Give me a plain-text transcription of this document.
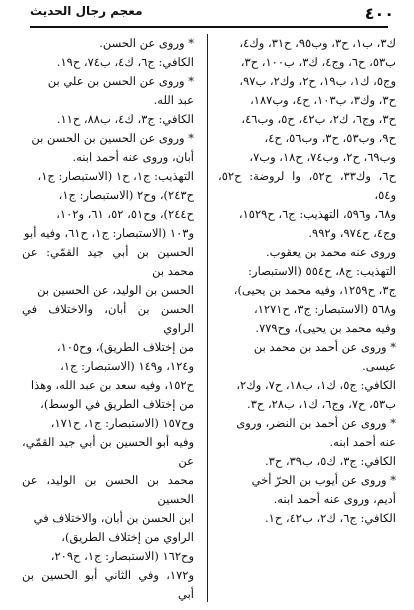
٤٠٠
معجم رجال الحديث
ك٣، ب١، ح٣، وب٩٥، ح٣١، وك٤،
ب٥٣، ح٦، وج٤، ك٣، ب١٠٠، ح٣،
وج٥، ك١، ب١٩، ح٢، وك٢، ب٩٧،
ح٣، وك٣، ب١٠٣، ح٤، وب١٨٧،
ح٣، وج٦، ك٢، ب٤٢، ح٥، وب٤٦،
ح٩، وب٥٣، ح٣، وب٥٦، ح٤،
وب٦٩، ح٢، وب٧٤، ح١٨، وب٧،
ح٦، وك٣٣، ح٥٢، وا لروضة: ح٥٢، و٥٤،
و٦٨، و٥٩٦، التهذيب: ج٦، ح١٥٢٩،
وج٤، ح٩٧٤، و٩٩٢.
وروى عنه محمد بن يعقوب.
التهذيب: ج٨، ح٥٥٤ (الاستبصار:
ج٣، ح١٢٥٩، وفيه محمد بن يحيى)،
و٥٦٨ (الاستبصار: ج٣، ح١٢٧١،
وفيه محمد بن يحيى)، وح٧٧٩.
* وروى عن أحمد بن محمد بن
عيسى.
الكافي: ج٥، ك١، ب١٨، ح٧، وك٢،
ب٥٣، ح٧، وج٦، ك١، ب٢٨، ح٣.
* وروى عن أحمد بن النضر، وروى
عنه أحمد ابنه.
الكافي: ج٣، ك٥، ب٣٩، ح٣.
* وروى عن أيوب بن الحرّ أخي
أديم، وروى عنه أحمد ابنه.
الكافي: ج٦، ك٢، ب٤٢، ح١.
* وروى عن الحسن.
الكافي: ج٦، ك٤، ب٧٤، ح١٩.
* وروى عن الحسن بن علي بن
عبد الله.
الكافي: ج٣، ك٤، ب٨٨، ح١١.
* وروى عن الحسين بن الحسن بن
أبان، وروى عنه أحمد ابنه.
التهذيب: ج١، ح١ (الاستبصار: ج١،
ح٢٤٣)، وح٢ (الاستبصار: ج١،
ح٢٤٤)، وح٥١، ٥٢، ٦١، و١٠٢،
و١٠٣ (الاستبصار: ج١، ح٦١، وفيه أبو
الحسين بن أبي جيد القمّي: عن محمد بن
الحسن بن الوليد، عن الحسين بن
الحسن بن أبان، والاختلاف في الراوي
من إختلاف الطريق)، وح١٠٥،
و١٢٤، و١٤٩ (الاستبصار: ج١،
ح١٥٢، وفيه سعد بن عبد الله، وهذا
من إختلاف الطريق في الوسط)،
وح١٥٧ (الاستبصار: ج١، ح١٧١،
وفيه أبو الحسين بن أبي جيد القمّي، عن
محمد بن الحسن بن الوليد، عن الحسين
ابن الحسن بن أبان، والاختلاف في
الراوي من إختلاف الطريق)،
وح١٦٢ (الاستبصار: ج١، ح٢٠٩،
و١٧٢، وفي الثاني أبو الحسين بن أبي
